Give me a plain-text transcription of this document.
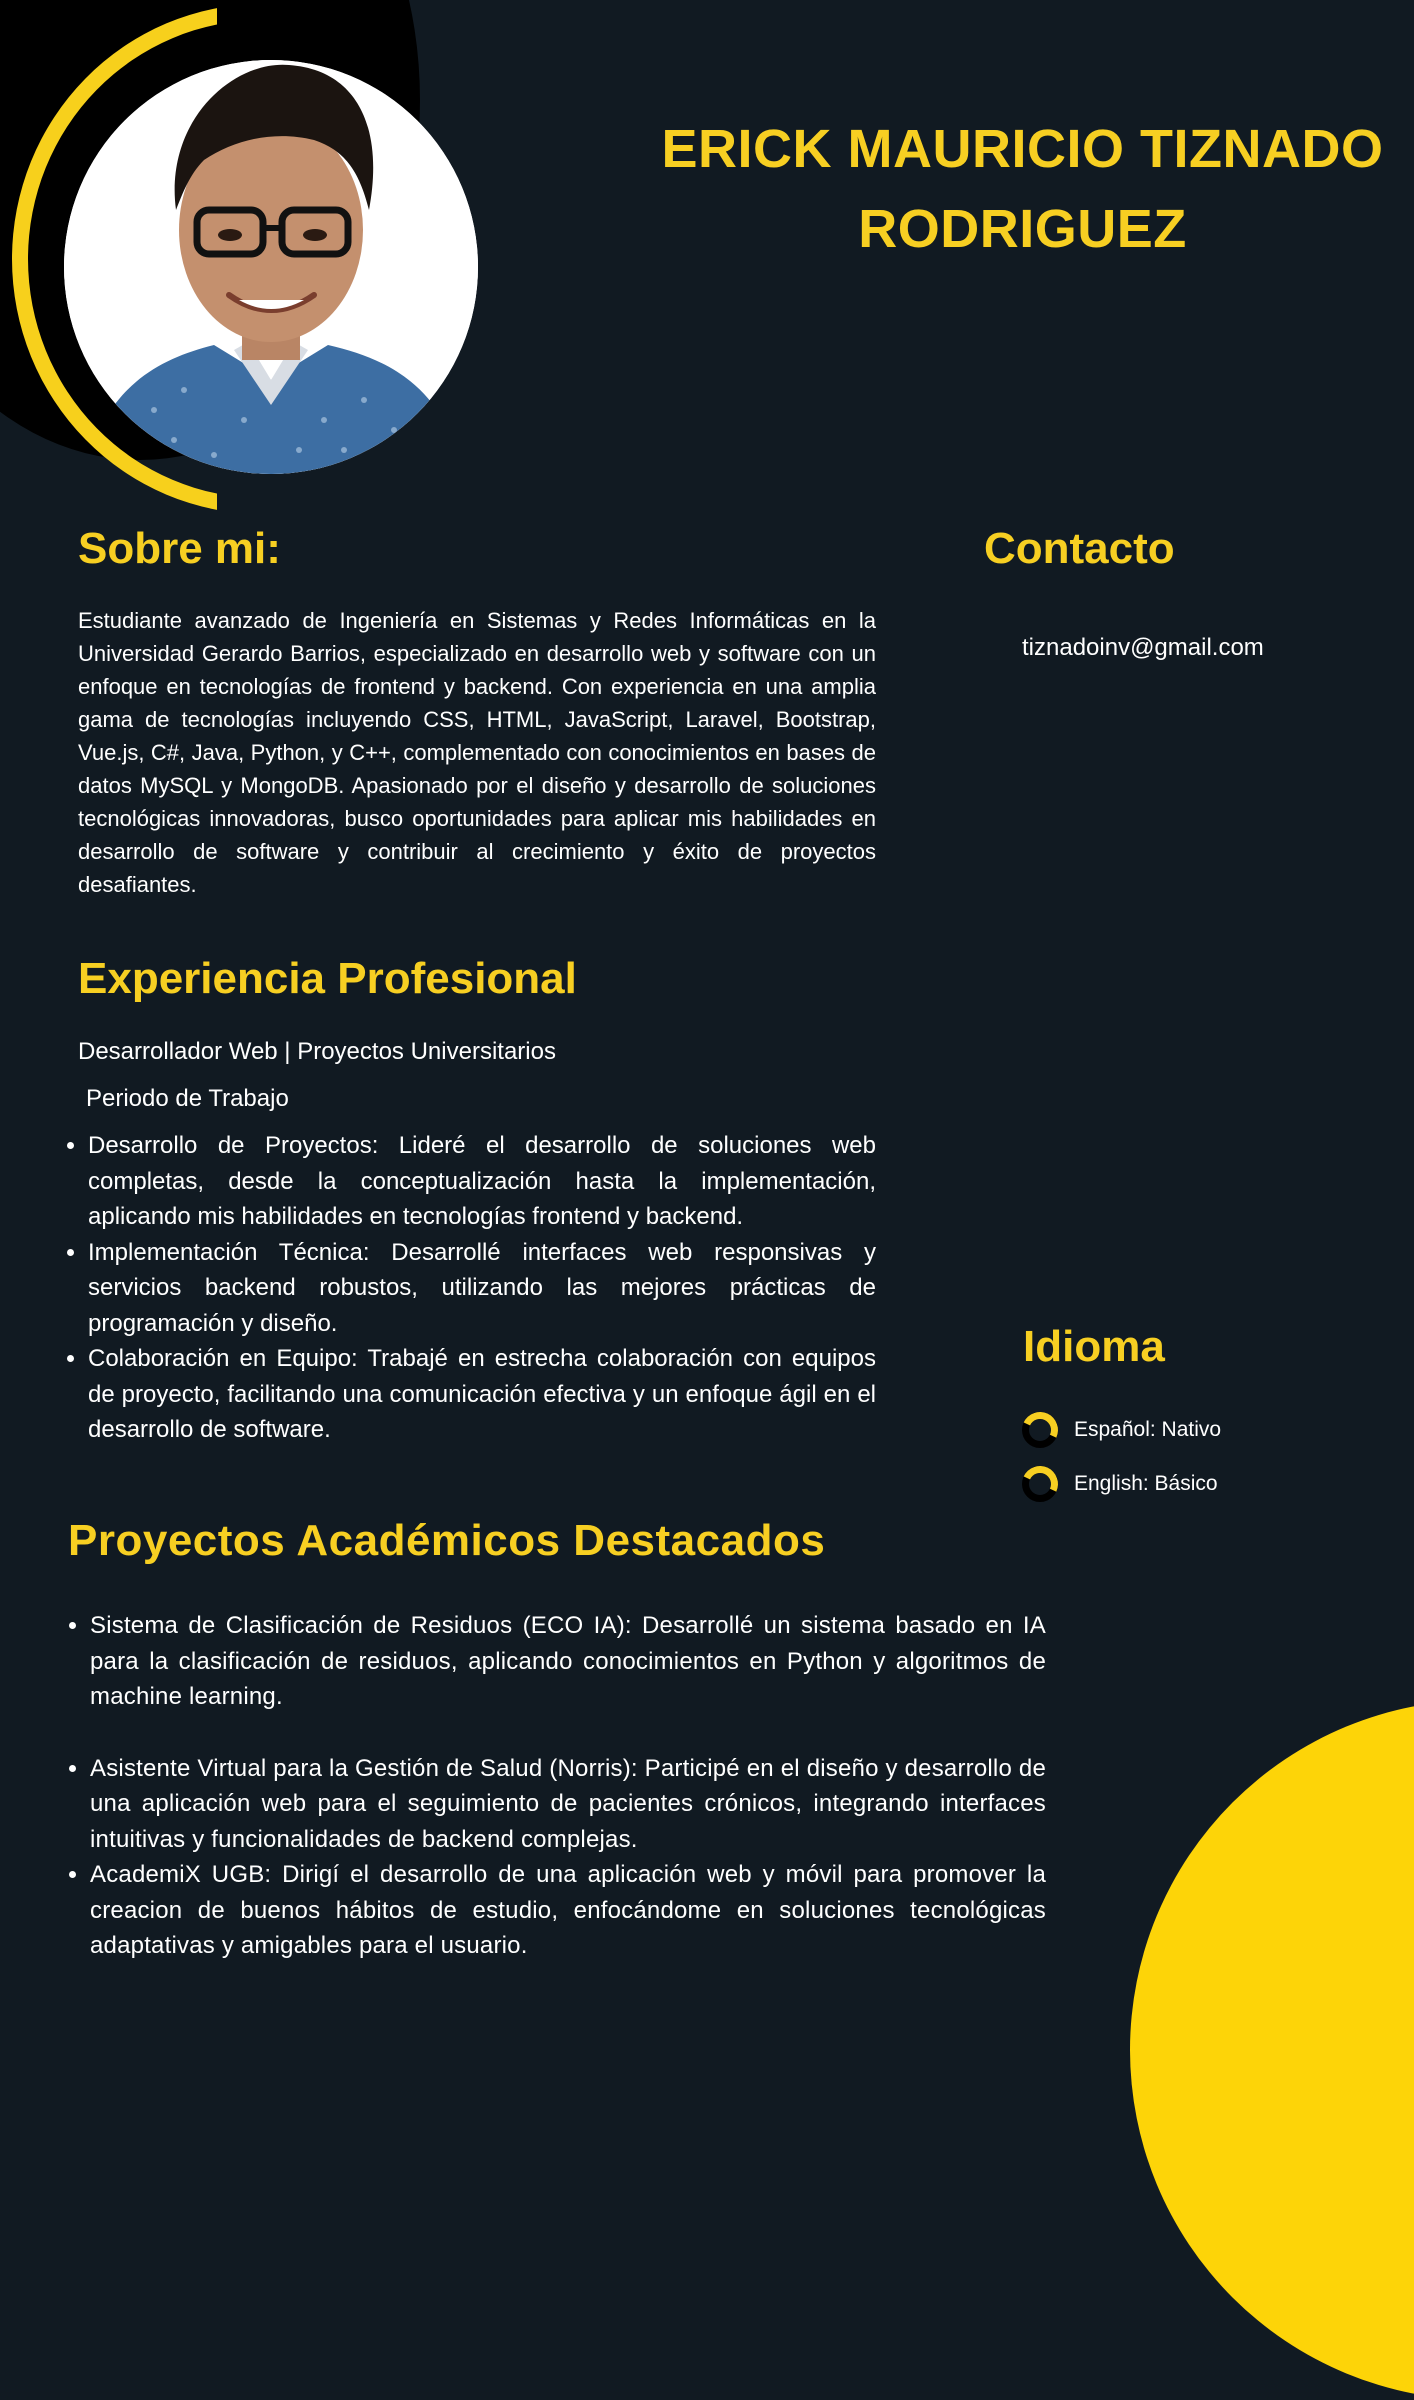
ERICK MAURICIO TIZNADO
RODRIGUEZ
Sobre mi:

Estudiante avanzado de Ingeniería en Sistemas y Redes Informáticas en la Universidad Gerardo Barrios, especializado en desarrollo web y software con un enfoque en tecnologías de frontend y backend. Con experiencia en una amplia gama de tecnologías incluyendo CSS, HTML, JavaScript, Laravel, Bootstrap, Vue.js, C#, Java, Python, y C++, complementado con conocimientos en bases de datos MySQL y MongoDB. Apasionado por el diseño y desarrollo de soluciones tecnológicas innovadoras, busco oportunidades para aplicar mis habilidades en desarrollo de software y contribuir al crecimiento y éxito de proyectos desafiantes.

Contacto

tiznadoinv@gmail.com

Experiencia Profesional

Desarrollador Web | Proyectos Universitarios

Periodo de Trabajo

• Desarrollo de Proyectos: Lideré el desarrollo de soluciones web completas, desde la conceptualización hasta la implementación, aplicando mis habilidades en tecnologías frontend y backend.
• Implementación Técnica: Desarrollé interfaces web responsivas y servicios backend robustos, utilizando las mejores prácticas de programación y diseño.
• Colaboración en Equipo: Trabajé en estrecha colaboración con equipos de proyecto, facilitando una comunicación efectiva y un enfoque ágil en el desarrollo de software.
Idioma
Español: Nativo
English: Básico
Proyectos Académicos Destacados
• Sistema de Clasificación de Residuos (ECO IA): Desarrollé un sistema basado en IA para la clasificación de residuos, aplicando conocimientos en Python y algoritmos de machine learning.
• Asistente Virtual para la Gestión de Salud (Norris): Participé en el diseño y desarrollo de una aplicación web para el seguimiento de pacientes crónicos, integrando interfaces intuitivas y funcionalidades de backend complejas.
• AcademiX UGB: Dirigí el desarrollo de una aplicación web y móvil para promover la creacion de buenos hábitos de estudio, enfocándome en soluciones tecnológicas adaptativas y amigables para el usuario.
